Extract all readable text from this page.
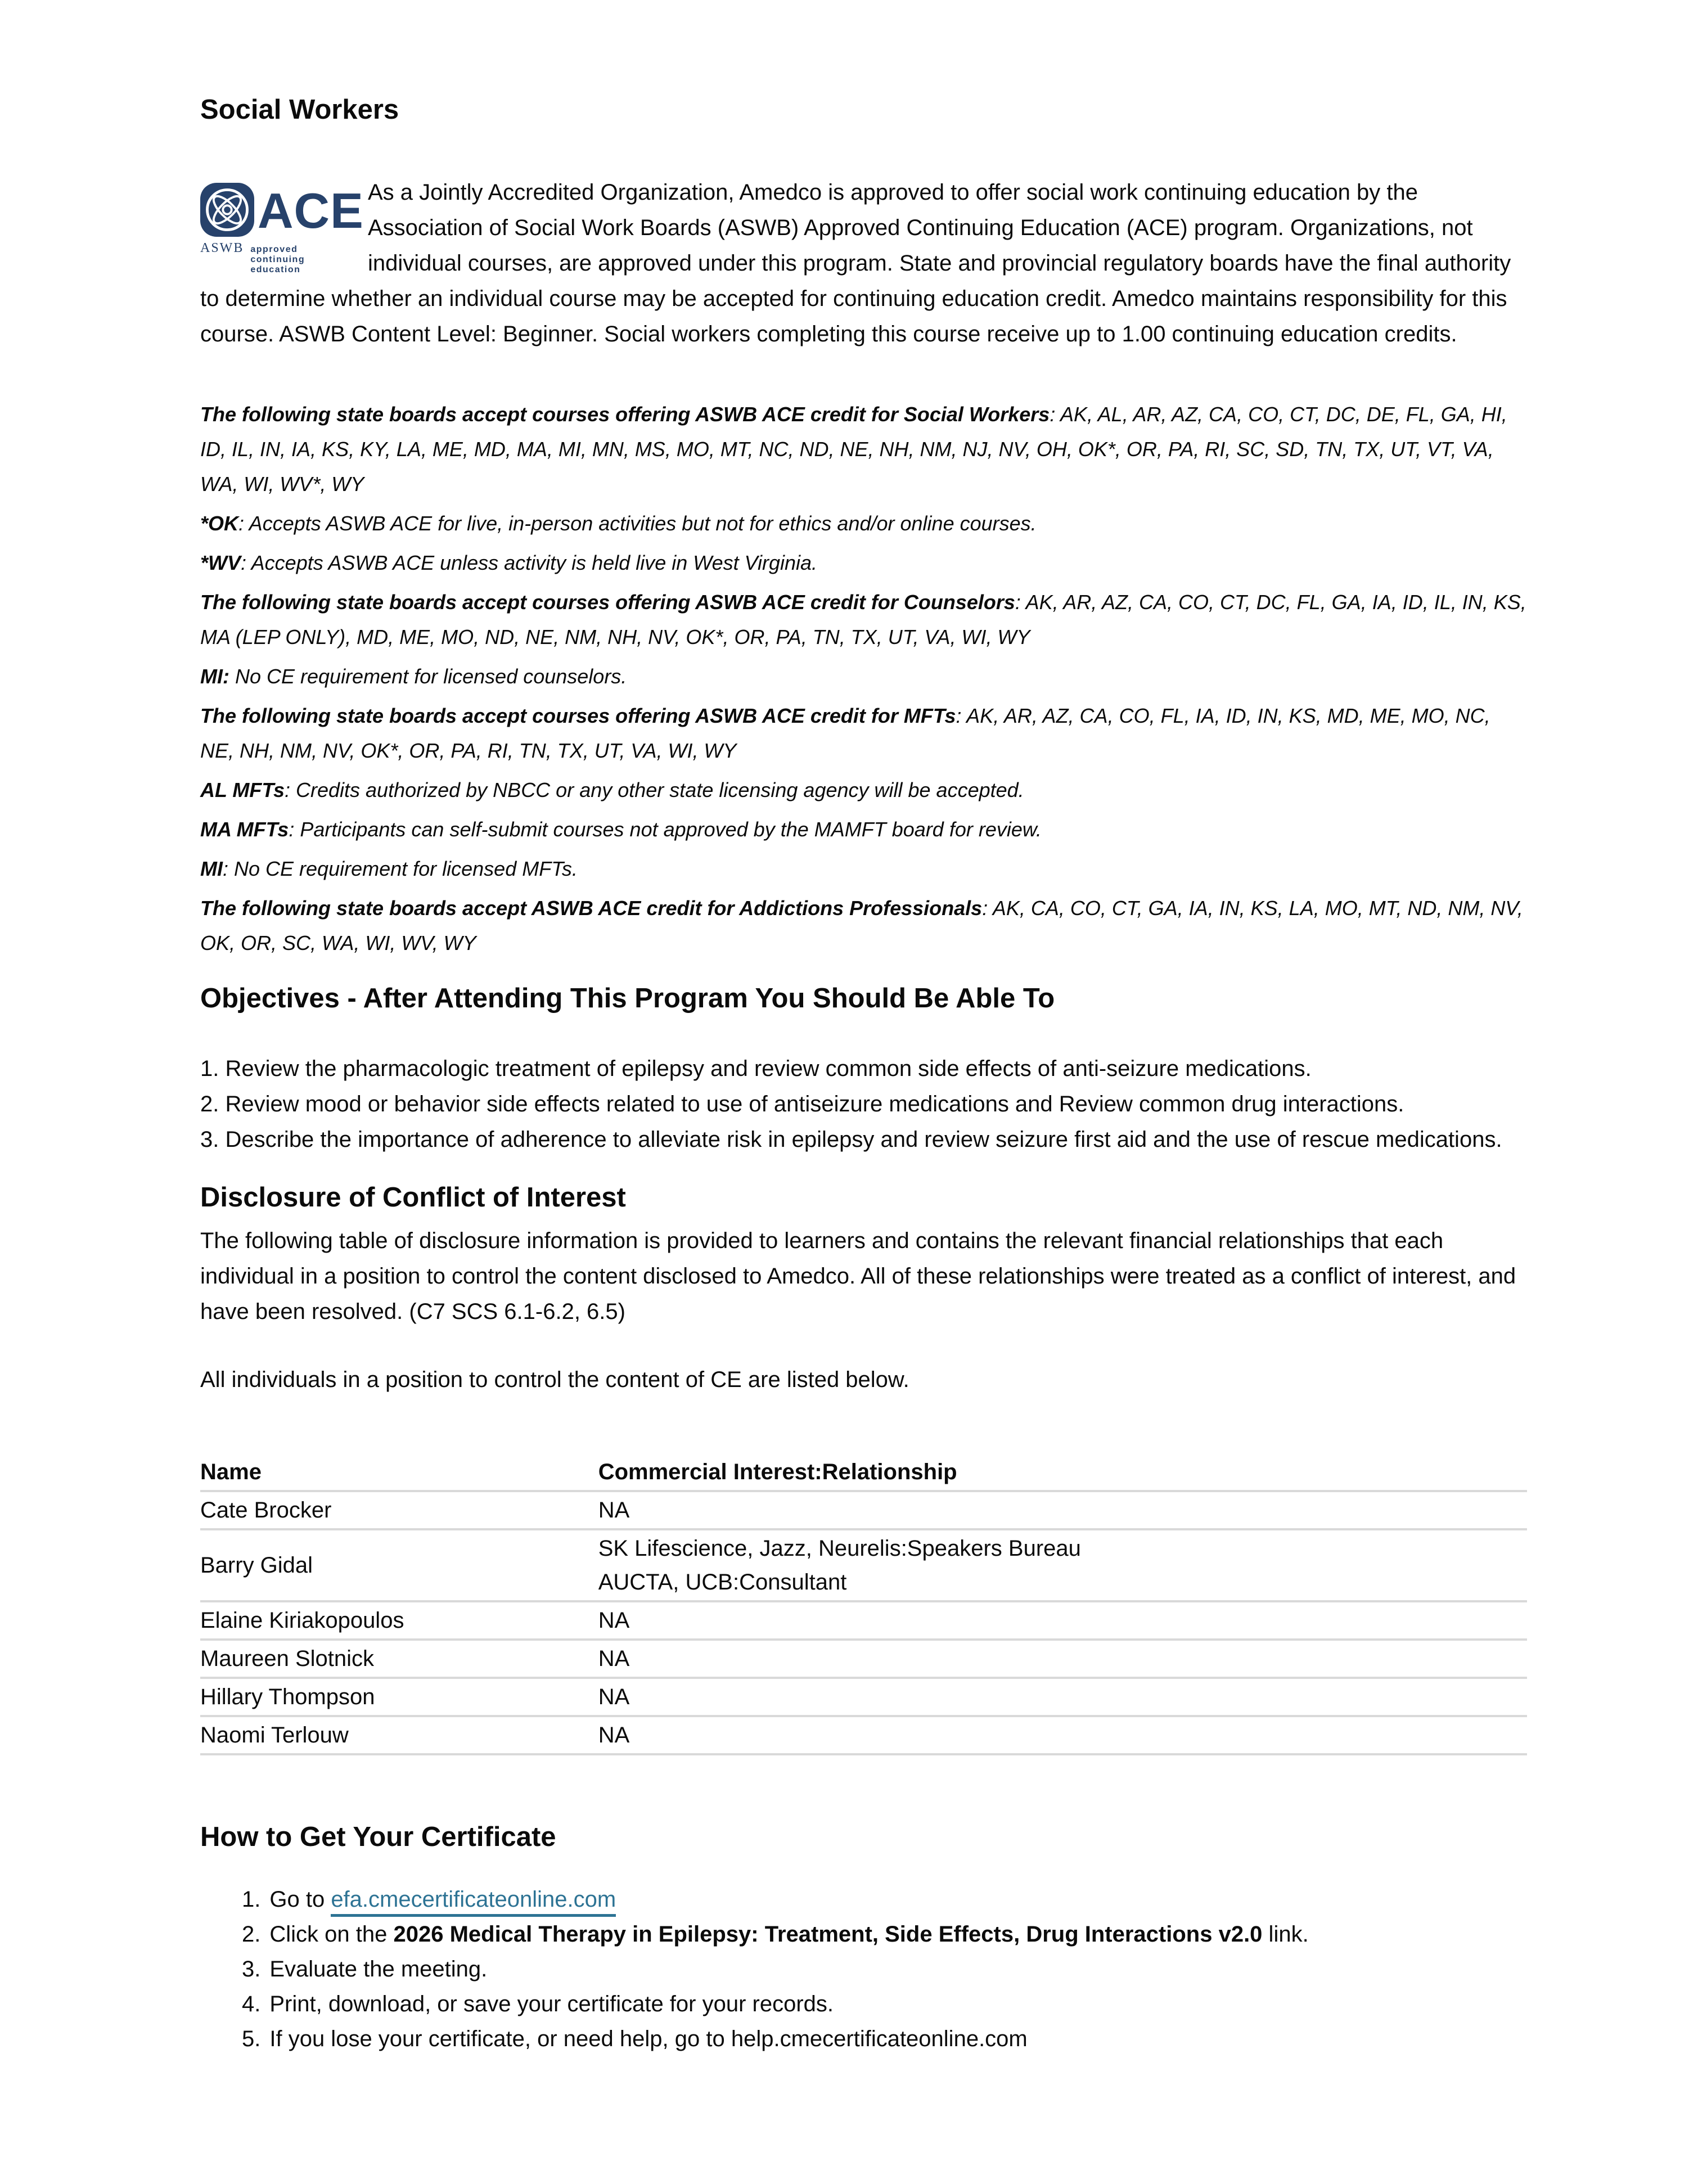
Social Workers
ACE
ASWB approved continuing education

As a Jointly Accredited Organization, Amedco is approved to offer social work continuing education by the Association of Social Work Boards (ASWB) Approved Continuing Education (ACE) program. Organizations, not individual courses, are approved under this program. State and provincial regulatory boards have the final authority to determine whether an individual course may be accepted for continuing education credit. Amedco maintains responsibility for this course. ASWB Content Level: Beginner. Social workers completing this course receive up to 1.00 continuing education credits.

The following state boards accept courses offering ASWB ACE credit for Social Workers: AK, AL, AR, AZ, CA, CO, CT, DC, DE, FL, GA, HI, ID, IL, IN, IA, KS, KY, LA, ME, MD, MA, MI, MN, MS, MO, MT, NC, ND, NE, NH, NM, NJ, NV, OH, OK*, OR, PA, RI, SC, SD, TN, TX, UT, VT, VA, WA, WI, WV*, WY

*OK: Accepts ASWB ACE for live, in-person activities but not for ethics and/or online courses.

*WV: Accepts ASWB ACE unless activity is held live in West Virginia.

The following state boards accept courses offering ASWB ACE credit for Counselors: AK, AR, AZ, CA, CO, CT, DC, FL, GA, IA, ID, IL, IN, KS, MA (LEP ONLY), MD, ME, MO, ND, NE, NM, NH, NV, OK*, OR, PA, TN, TX, UT, VA, WI, WY

MI: No CE requirement for licensed counselors.

The following state boards accept courses offering ASWB ACE credit for MFTs: AK, AR, AZ, CA, CO, FL, IA, ID, IN, KS, MD, ME, MO, NC, NE, NH, NM, NV, OK*, OR, PA, RI, TN, TX, UT, VA, WI, WY

AL MFTs: Credits authorized by NBCC or any other state licensing agency will be accepted.

MA MFTs: Participants can self-submit courses not approved by the MAMFT board for review.

MI: No CE requirement for licensed MFTs.

The following state boards accept ASWB ACE credit for Addictions Professionals: AK, CA, CO, CT, GA, IA, IN, KS, LA, MO, MT, ND, NM, NV, OK, OR, SC, WA, WI, WV, WY

Objectives - After Attending This Program You Should Be Able To

1. Review the pharmacologic treatment of epilepsy and review common side effects of anti-seizure medications.

2. Review mood or behavior side effects related to use of antiseizure medications and Review common drug interactions.

3. Describe the importance of adherence to alleviate risk in epilepsy and review seizure first aid and the use of rescue medications.

Disclosure of Conflict of Interest

The following table of disclosure information is provided to learners and contains the relevant financial relationships that each individual in a position to control the content disclosed to Amedco. All of these relationships were treated as a conflict of interest, and have been resolved. (C7 SCS 6.1-6.2, 6.5)

All individuals in a position to control the content of CE are listed below.

Name	Commercial Interest:Relationship
Cate Brocker	NA
Barry Gidal	SK Lifescience, Jazz, Neurelis:Speakers Bureau
AUCTA, UCB:Consultant

Elaine Kiriakopoulos	NA
Maureen Slotnick	NA
Hillary Thompson	NA
Naomi Terlouw	NA
How to Get Your Certificate
1. Go to efa.cmecertificateonline.com
2. Click on the 2026 Medical Therapy in Epilepsy: Treatment, Side Effects, Drug Interactions v2.0 link.
3. Evaluate the meeting.
4. Print, download, or save your certificate for your records.
5. If you lose your certificate, or need help, go to help.cmecertificateonline.com
